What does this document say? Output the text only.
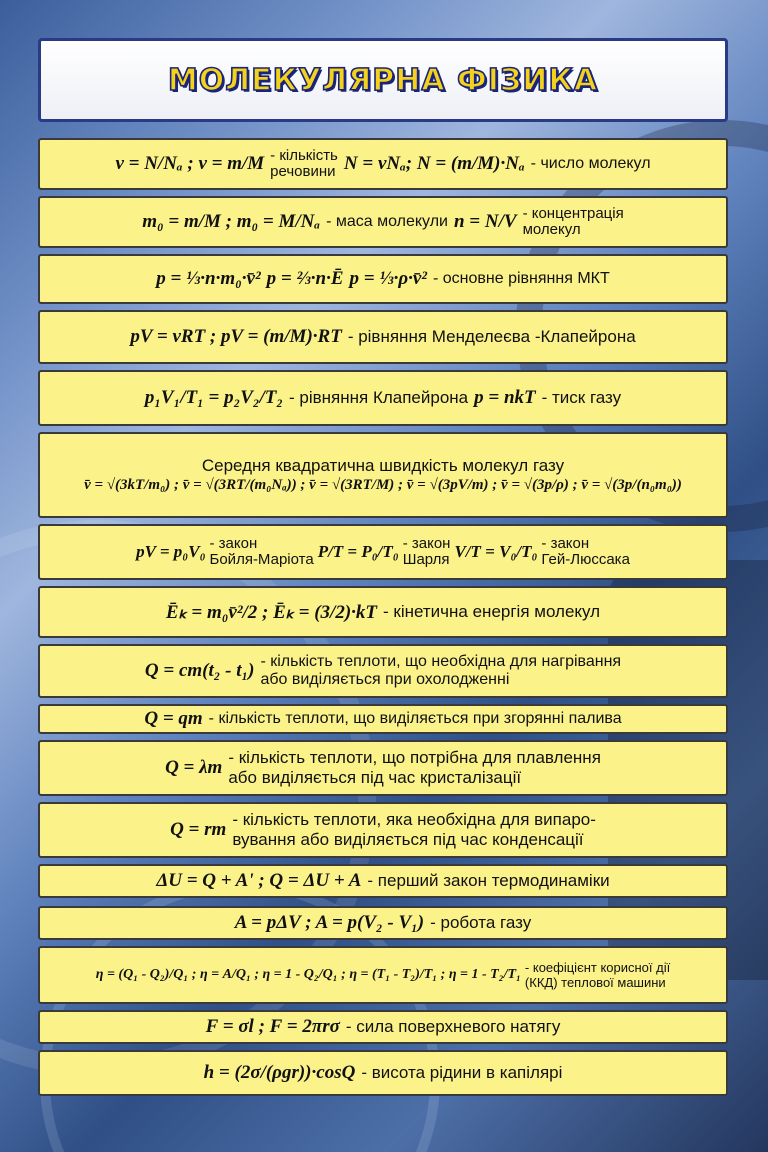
МОЛЕКУЛЯРНА ФІЗИКА
ν = N/Nₐ ; ν = m/M - кількість
речовини N = νNₐ; N = (m/M)·Nₐ - число молекул
m₀ = m/M ; m₀ = M/Nₐ - маса молекули n = N/V - концентрація
молекул
p = ⅓·n·m₀·v̄² p = ⅔·n·Ē p = ⅓·ρ·v̄² - основне рівняння МКТ
pV = νRT ; pV = (m/M)·RT - рівняння Менделеєва -Клапейрона
p₁V₁/T₁ = p₂V₂/T₂ - рівняння Клапейрона p = nkT - тиск газу
Середня квадратична швидкість молекул газу
v̄ = √(3kT/m₀) ; v̄ = √(3RT/(m₀Nₐ)) ; v̄ = √(3RT/M) ; v̄ = √(3pV/m) ; v̄ = √(3p/ρ) ; v̄ = √(3p/(n₀m₀))
pV = p₀V₀ - закон
Бойля-Маріота P/T = P₀/T₀ - закон
Шарля V/T = V₀/T₀ - закон
Гей-Люссака
Ēₖ = m₀v̄²/2 ; Ēₖ = (3/2)·kT - кінетична енергія молекул
Q = cm(t₂ - t₁) - кількість теплоти, що необхідна для нагрівання
або виділяється при охолодженні
Q = qm - кількість теплоти, що виділяється при згорянні палива
Q = λm - кількість теплоти, що потрібна для плавлення
або виділяється під час кристалізації
Q = rm - кількість теплоти, яка необхідна для випаро-
вування або виділяється під час конденсації
ΔU = Q + A' ; Q = ΔU + A - перший закон термодинаміки
A = pΔV ; A = p(V₂ - V₁) - робота газу
η = (Q₁ - Q₂)/Q₁ ; η = A/Q₁ ; η = 1 - Q₂/Q₁ ; η = (T₁ - T₂)/T₁ ; η = 1 - T₂/T₁ - коефіцієнт корисної дії
(ККД) теплової машини
F = σl ; F = 2πrσ - сила поверхневого натягу
h = (2σ/(ρgr))·cosQ - висота рідини в капілярі
